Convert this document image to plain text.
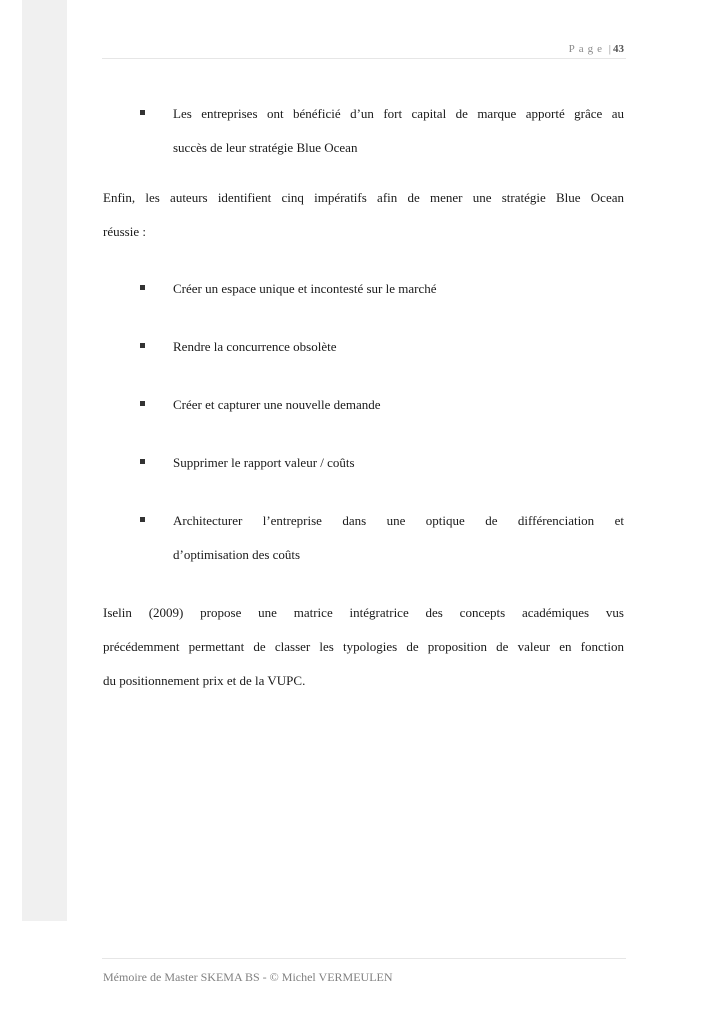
Page | 43
Les entreprises ont bénéficié d’un fort capital de marque apporté grâce au
succès de leur stratégie Blue Ocean
Enfin, les auteurs identifient cinq impératifs afin de mener une stratégie Blue Ocean
réussie :
Créer un espace unique et incontesté sur le marché
Rendre la concurrence obsolète
Créer et capturer une nouvelle demande
Supprimer le rapport valeur / coûts
Architecturer l’entreprise dans une optique de différenciation et
d’optimisation des coûts
Iselin (2009) propose une matrice intégratrice des concepts académiques vus
précédemment permettant de classer les typologies de proposition de valeur en fonction
du positionnement prix et de la VUPC.
Mémoire de Master SKEMA BS - © Michel VERMEULEN
